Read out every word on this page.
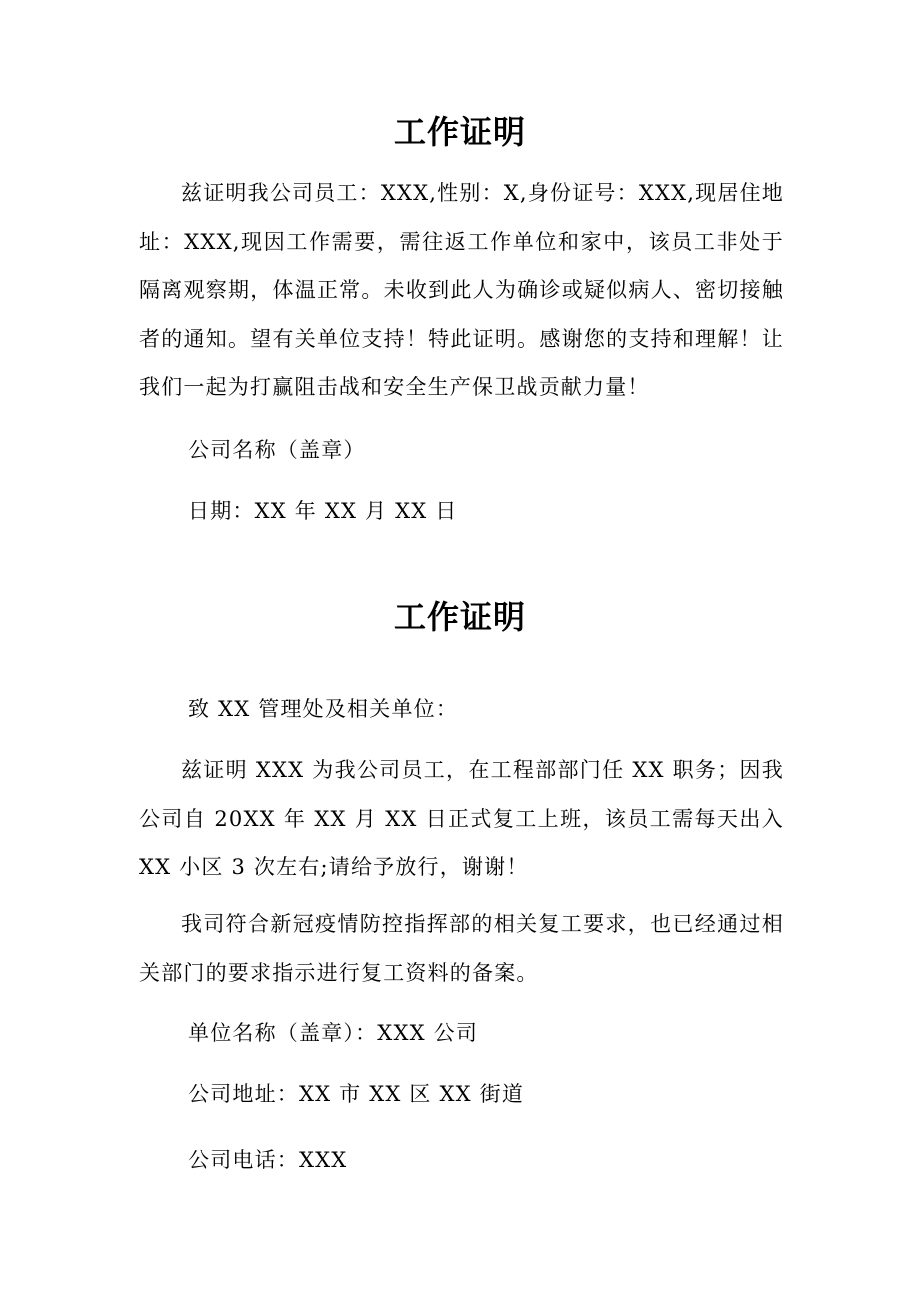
工作证明

兹证明我公司员工：XXX,性别：X,身份证号：XXX,现居住地址：XXX,现因工作需要，需往返工作单位和家中，该员工非处于隔离观察期，体温正常。未收到此人为确诊或疑似病人、密切接触者的通知。望有关单位支持！特此证明。感谢您的支持和理解！让我们一起为打赢阻击战和安全生产保卫战贡献力量！

公司名称（盖章）

日期：XX 年 XX 月 XX 日

工作证明

致 XX 管理处及相关单位：

兹证明 XXX 为我公司员工，在工程部部门任 XX 职务；因我公司自 20XX 年 XX 月 XX 日正式复工上班，该员工需每天出入 XX 小区 3 次左右;请给予放行，谢谢！

我司符合新冠疫情防控指挥部的相关复工要求，也已经通过相关部门的要求指示进行复工资料的备案。

单位名称（盖章）：XXX 公司

公司地址：XX 市 XX 区 XX 街道

公司电话：XXX
